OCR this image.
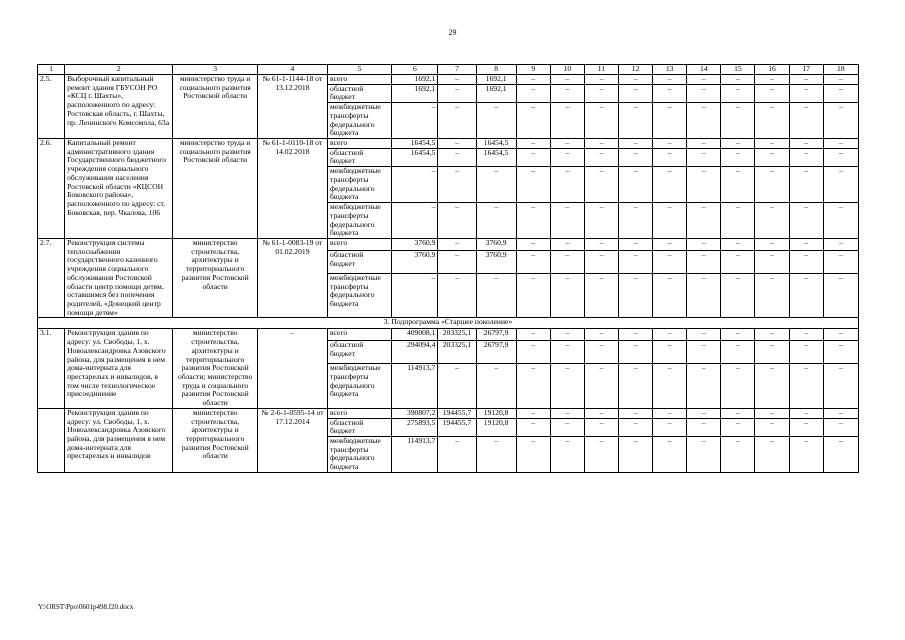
29
1	2	3	4	5	6	7	8	9	10	11	12	13	14	15	16	17	18
2.5.	Выборочный капитальный ремонт здания ГБУСОН РО «КСЦ г. Шахты», расположенного по адресу: Ростовская область, г. Шахты, пр. Ленинского Комсомола, 63а	министерство труда и социального развития Ростовской области	№ 61-1-1144-18 от 13.12.2018	всего	1692,1	–	1692,1	–	–	–	–	–	–	–	–	–	–
				областной бюджет	1692,1	–	1692,1	–	–	–	–	–	–	–	–	–	–
				межбюджетные трансферты федерального бюджета	–	–	–	–	–	–	–	–	–	–	–	–	–
2.6.	Капитальный ремонт административного здания Государственного бюджетного учреждения социального обслуживания населения Ростовской области «КЦСОН Боковского района», расположенного по адресу: ст. Боковская, пер. Чкалова, 106	министерство труда и социального развития Ростовской области	№ 61-1-0110-18 от 14.02.2018	всего	16454,5	–	16454,5	–	–	–	–	–	–	–	–	–	–
				областной бюджет	16454,5	–	16454,5	–	–	–	–	–	–	–	–	–	–
				межбюджетные трансферты федерального бюджета	–	–	–	–	–	–	–	–	–	–	–	–	–
				межбюджетные трансферты федерального бюджета	–	–	–	–	–	–	–	–	–	–	–	–	–
2.7.	Реконструкция системы теплоснабжения государственного казенного учреждения социального обслуживания Ростовской области центр помощи детям, оставшимся без попечения родителей, «Донецкий центр помощи детям»	министерство строительства, архитектуры и территориального развития Ростовской области	№ 61-1-0083-19 от 01.02.2019	всего	3760,9	–	3760,9	–	–	–	–	–	–	–	–	–	–
				областной бюджет	3760,9	–	3760,9	–	–	–	–	–	–	–	–	–	–
				межбюджетные трансферты федерального бюджета	–	–	–	–	–	–	–	–	–	–	–	–	–
3. Подпрограмма «Старшее поколение»																	
3.1.	Реконструкция здания по адресу: ул. Свободы, 1, х. Новоалександровка Азовского района, для размещения в нем дома-интерната для престарелых и инвалидов, в том числе технологическое присоединение	министерство строительства, архитектуры и территориального развития Ростовской области; министерство труда и социального развития Ростовской области	–	всего	409008,1	203325,1	26797,9	–	–	–	–	–	–	–	–	–	–
				областной бюджет	294094,4	203325,1	26797,9	–	–	–	–	–	–	–	–	–	–
				межбюджетные трансферты федерального бюджета	114913,7	–	–	–	–	–	–	–	–	–	–	–	–
	Реконструкция здания по адресу: ул. Свободы, 1, х. Новоалександровка Азовского района, для размещения в нем дома-интерната для престарелых и инвалидов	министерство строительства, архитектуры и территориального развития Ростовской области	№ 2-6-1-0595-14 от 17.12.2014	всего	390807,2	194455,7	19120,8	–	–	–	–	–	–	–	–	–	–
				областной бюджет	275893,5	194455,7	19120,8	–	–	–	–	–	–	–	–	–	–
				межбюджетные трансферты федерального бюджета	114913,7	–	–	–	–	–	–	–	–	–	–	–	–
Y:\ORST\Ppo\0601p498.f20.docx
